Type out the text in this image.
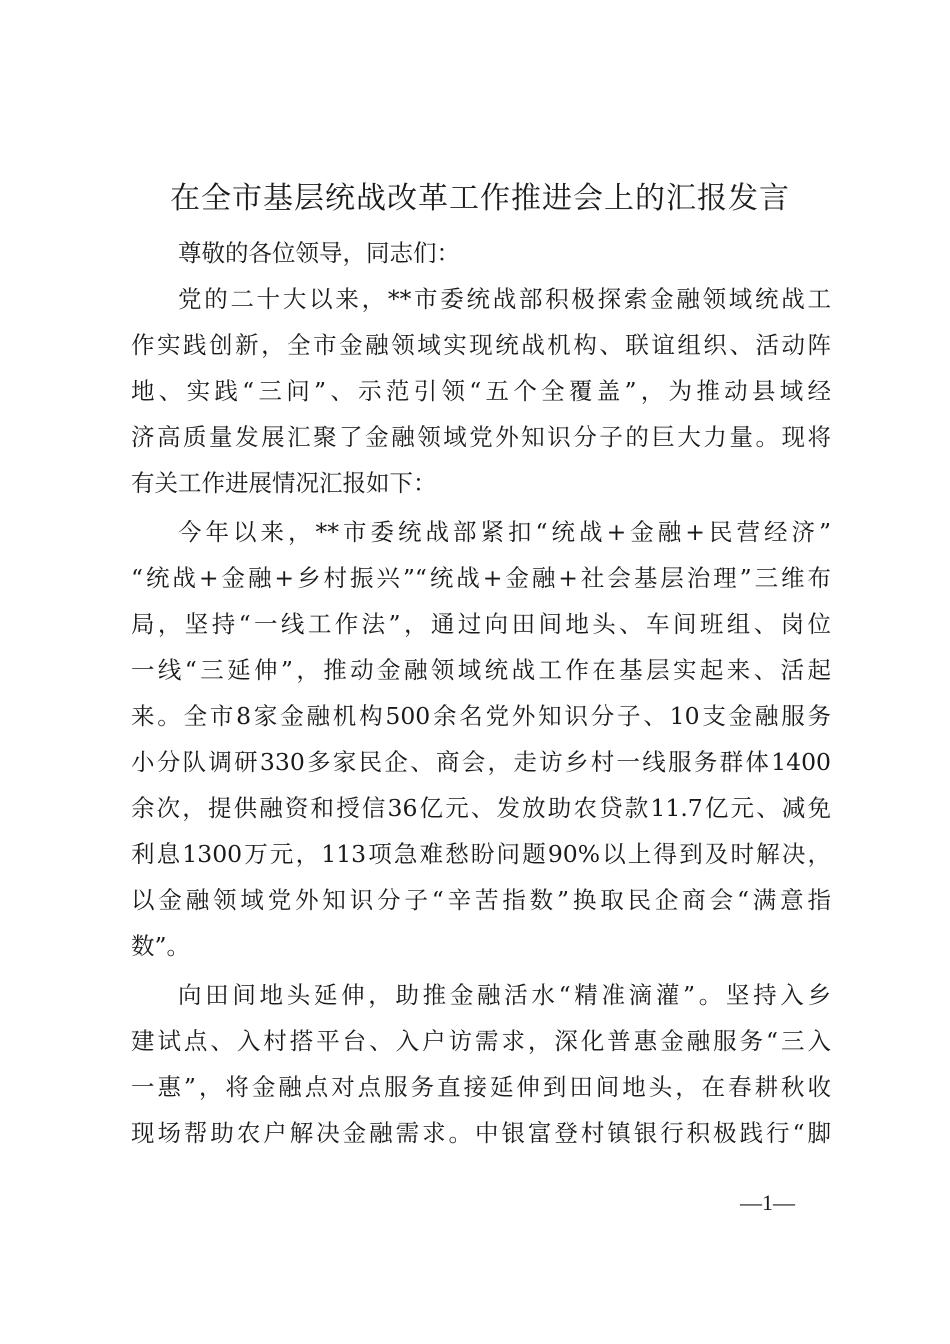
在全市基层统战改革工作推进会上的汇报发言
尊敬的各位领导，同志们：
党的二十大以来，**市委统战部积极探索金融领域统战工
作实践创新，全市金融领域实现统战机构、联谊组织、活动阵
地、实践“三问”、示范引领“五个全覆盖”，为推动县域经
济高质量发展汇聚了金融领域党外知识分子的巨大力量。现将
有关工作进展情况汇报如下：
今年以来，**市委统战部紧扣“统战+金融+民营经济”
“统战+金融+乡村振兴”“统战+金融+社会基层治理”三维布
局，坚持“一线工作法”，通过向田间地头、车间班组、岗位
一线“三延伸”，推动金融领域统战工作在基层实起来、活起
来。全市8家金融机构500余名党外知识分子、10支金融服务
小分队调研330多家民企、商会，走访乡村一线服务群体1400
余次，提供融资和授信36亿元、发放助农贷款11.7亿元、减免
利息1300万元，113项急难愁盼问题90%以上得到及时解决，
以金融领域党外知识分子“辛苦指数”换取民企商会“满意指
数”。
向田间地头延伸，助推金融活水“精准滴灌”。坚持入乡
建试点、入村搭平台、入户访需求，深化普惠金融服务“三入
一惠”，将金融点对点服务直接延伸到田间地头，在春耕秋收
现场帮助农户解决金融需求。中银富登村镇银行积极践行“脚
—1—
